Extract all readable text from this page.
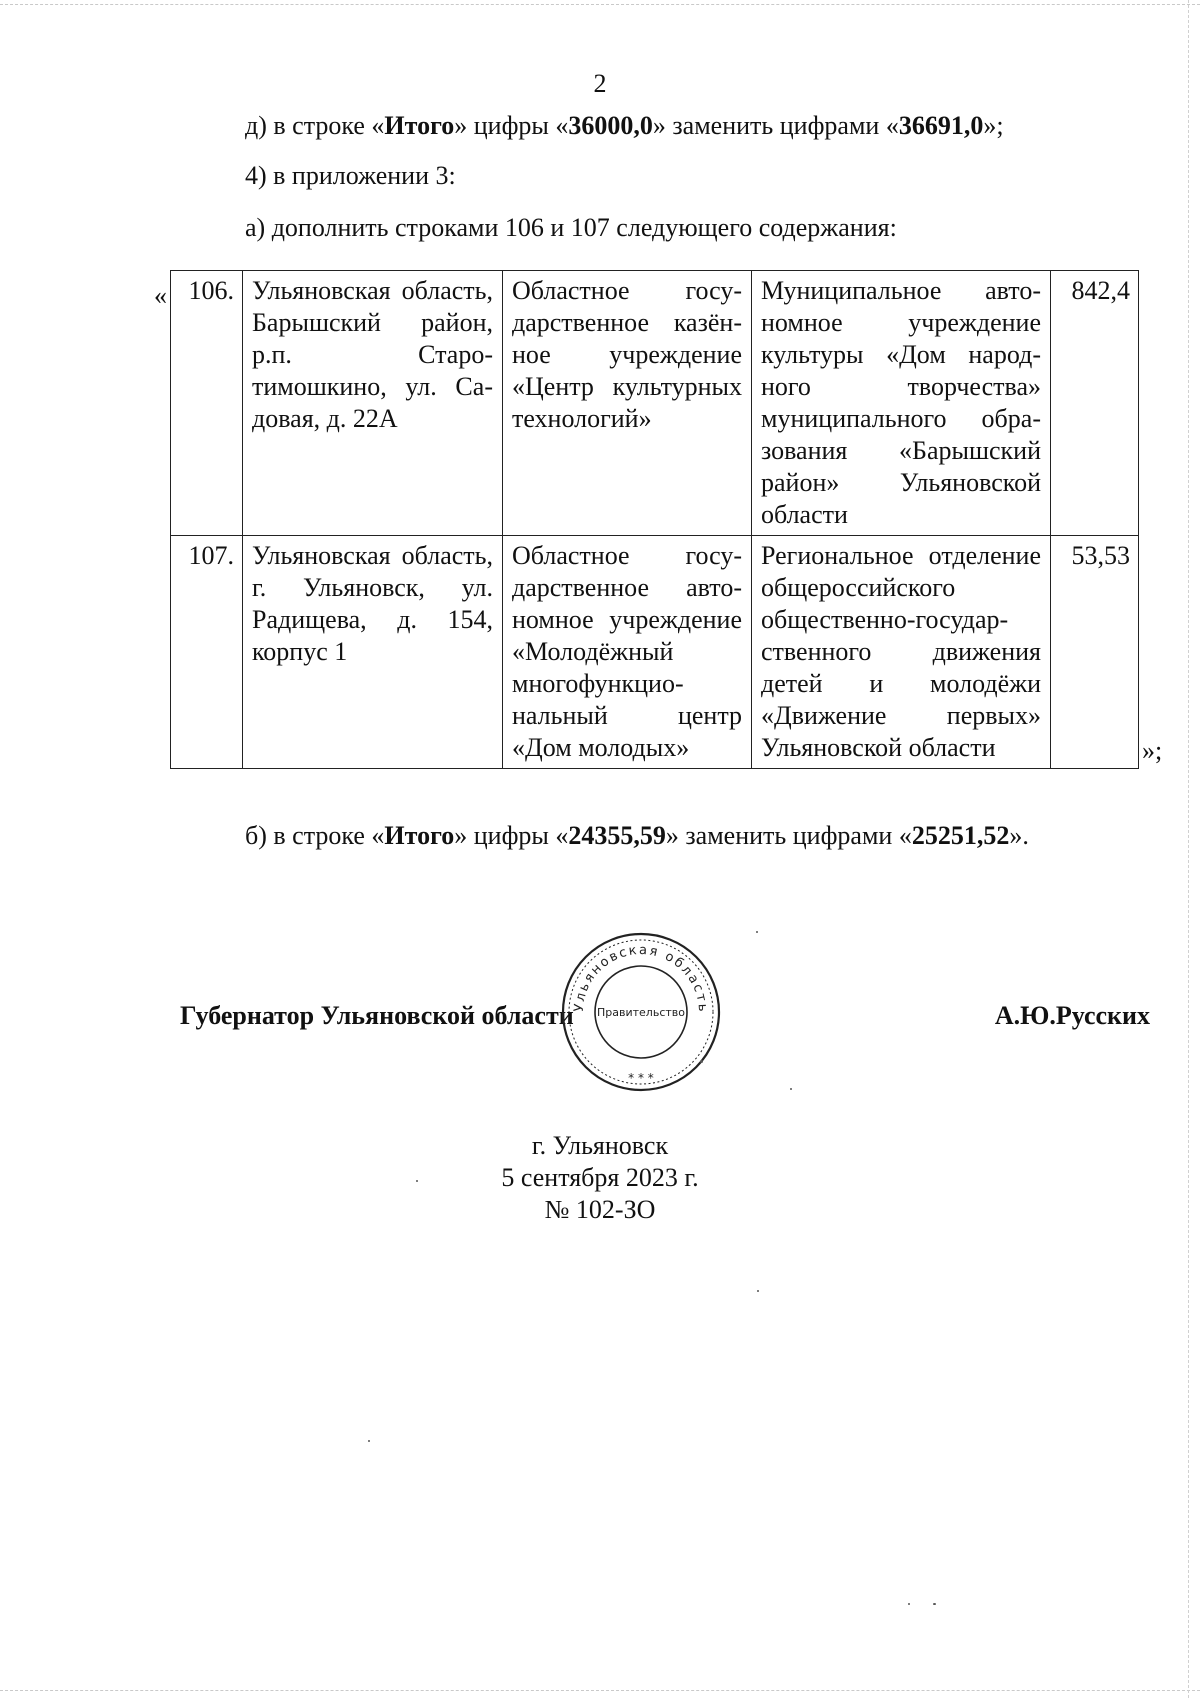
2
д) в строке «Итого» цифры «36000,0» заменить цифрами «36691,0»;
4) в приложении 3:
а) дополнить строками 106 и 107 следующего содержания:
« 106.	Ульяновская область, Барышский район, р.п. Старотимошкино, ул. Садовая, д. 22А	Областное государственное казённое учреждение «Центр культурных технологий»	Муниципальное автономное учреждение культуры «Дом народного творчества» муниципального образования «Барышский район» Ульяновской области	842,4
107.	Ульяновская область, г. Ульяновск, ул. Радищева, д. 154, корпус 1	Областное государственное автономное учреждение «Молодёжный многофункциональный центр «Дом молодых»	Региональное отделение общероссийского общественно-государственного движения детей и молодёжи «Движение первых» Ульяновской области	53,53
»;
б) в строке «Итого» цифры «24355,59» заменить цифрами «25251,52».
Губернатор Ульяновской области	А.Ю.Русских
Ульяновская область
Правительство
* * *
г. Ульяновск
5 сентября 2023 г.
№ 102-ЗО
